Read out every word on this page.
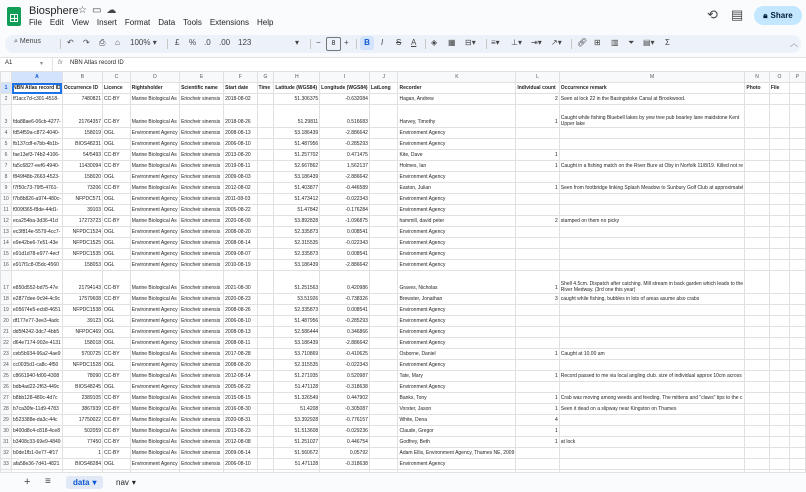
Biosphere ☆▭☁
File Edit View Insert Format Data Tools Extensions Help
⟲ ▤ 🔒︎ Share
⌕ Menus	↶ ↷ ⎙ ⌂ 100% ▾ £ % .0 .00 123	▾ −	8	+	B	I S A ◈ ▦ ⊟▾ ≡▾ ⊥▾ ⇥▾ ↗▾ 🔗︎ ⊞ ▥ ⏷ ▤▾ Σ	︿
A1	▾ fx NBN Atlas record ID
	A	B	C	D	E	F	G	H	I	J	K	L	M	N	O	P
1	NBN Atlas record ID	Occurrence ID	Licence	Rightsholder	Scientific name	Start date	Time	Latitude (WGS84)	Longitude (WGS84)	LatLong	Recorder	Individual count	Occurrence remark	Photo	File	
2	ff1acc7d-c301-4518-	7480821	CC-BY	Marine Biological As	Eriocheir sinensis	2018-08-02		51.306375	-0.632084		Hagan, Andrew	2	Seen at lock 22 in the Basingstoke Canal at Brookwood.			
3	fda88ae6-06cb-4277-	21764357	CC-BY	Marine Biological As	Eriocheir sinensis	2018-08-26		51.29811	0.516683		Harvey, Timothy	1	Caught while fishing Bluebell lakes by yew tree pub boarley lane maidstone Kent Upper lake			
4	fd54f59a-c872-4040-	158019	OGL	Environment Agency	Eriocheir sinensis	2008-08-13		53.186439	-2.886642		Environment Agency					
5	fb137cdf-e7bb-4b1b-	BIOS48231	OGL	Environment Agency	Eriocheir sinensis	2006-08-10		51.487956	-0.285293		Environment Agency					
6	fae13ef3-74b2-4106-	54/5493	CC-BY	Marine Biological As	Eriocheir sinensis	2013-08-20		51.257702	0.471475		Kite, Dave	1				
7	fa5c6827-eef6-4940-	11430094	CC-BY	Marine Biological As	Eriocheir sinensis	2019-08-11		52.667862	1.562137		Holmes, Ian	1	Caught in a fishing match on the River Bure at Oby in Norfolk 11/8/19. Killed not re			
8	f849f48b-2663-4523-	158020	OGL	Environment Agency	Eriocheir sinensis	2009-08-03		53.186439	-2.886642		Environment Agency					
9	f7f50c73-79f5-4761-	73206	CC-BY	Marine Biological As	Eriocheir sinensis	2012-08-02		51.403877	-0.446589		Easton, Julian	1	Seen from footbridge linking Splash Meadow to Sunbury Golf Club at approximatel			
10	f7b8b826-a974-480c-	NFPDC571	OGL	Environment Agency	Eriocheir sinensis	2011-08-03		51.473412	-0.022343		Environment Agency					
11	f009f365-f8de-44d1-	39103	OGL	Environment Agency	Eriocheir sinensis	2005-08-22		51.47842	-0.176284		Environment Agency					
12	eca254ba-3d36-41d	17273723	CC-BY	Marine Biological As	Eriocheir sinensis	2020-08-09		53.892828	-1.096875		hammill, david peter	2	stamped on them no picky			
13	ec3f814e-5579-4cc7-	NFPDC1524	OGL	Environment Agency	Eriocheir sinensis	2008-08-20		52.335873	0.008541		Environment Agency					
14	e9e42be6-7e51-43e	NFPDC1525	OGL	Environment Agency	Eriocheir sinensis	2008-08-14		52.315535	-0.022343		Environment Agency					
15	e91d1d78-e977-4ecf	NFPDC1535	OGL	Environment Agency	Eriocheir sinensis	2009-08-07		52.335873	0.008541		Environment Agency					
16	e917f1c8-05dc-4560	158053	OGL	Environment Agency	Eriocheir sinensis	2010-08-19		53.186439	-2.886642		Environment Agency					
17	e850d552-bd75-47e	21794143	CC-BY	Marine Biological As	Eriocheir sinensis	2021-08-30		51.251563	0.420986		Graves, Nicholas	1	Shell 4.5cm. Dispatch after catching. Mill stream in back garden which leads to the River Medway. (3rd one this year)			
18	e2877dee-9c94-4c9c	17579608	CC-BY	Marine Biological As	Eriocheir sinensis	2020-08-23		53.51926	-0.738326		Brewster, Jonathan	3	caught while fishing, bubbles in lots of areas asume also crabs			
19	e05674e5-ecb8-4651	NFPDC1538	OGL	Environment Agency	Eriocheir sinensis	2008-08-26		52.335873	0.008541		Environment Agency					
20	df177e77-3ee3-4adc	39123	OGL	Environment Agency	Eriocheir sinensis	2006-08-10		51.487956	-0.285293		Environment Agency					
21	dd5f4242-3dc7-4bb5	NFPDC469	OGL	Environment Agency	Eriocheir sinensis	2008-08-13		52.586444	0.346866		Environment Agency					
22	d64e7174-902e-4131	158018	OGL	Environment Agency	Eriocheir sinensis	2008-08-11		53.186439	-2.886642		Environment Agency					
23	ceb5b934-96a2-4ae9	5700725	CC-BY	Marine Biological As	Eriocheir sinensis	2017-08-28		53.710869	-0.410625		Osborne, Daniel	1	Caught at 10.00 am			
24	cc0035d1-ca8c-4f50	NFPDC1528	OGL	Environment Agency	Eriocheir sinensis	2008-08-20		52.315535	-0.022343		Environment Agency					
25	c8661940-fd00-4308	78090	CC-BY	Marine Biological As	Eriocheir sinensis	2012-08-14		51.271935	0.520987		Tate, Mary	1	Record passed to me via local angling club. size of individual approx 10cm across			
26	bdb4ad22-2f63-449c	BIOS48245	OGL	Environment Agency	Eriocheir sinensis	2005-08-22		51.471128	-0.318638		Environment Agency					
27	b8bb128-480c-4d7c	2389105	CC-BY	Marine Biological As	Eriocheir sinensis	2015-08-15		51.326549	0.447902		Banks, Tony	1	Crab was moving among weeds and feeding. The mittens and "claws" tips to the c			
28	b7ca30fe-11d9-4783	3867939	CC-BY	Marine Biological As	Eriocheir sinensis	2016-08-30		51.4208	-0.305087		Vorster, Jason	1	Seen it dead on a slipway near Kingston on Thames			
29	b523388e-da3c-44c	17750022	CC-BY	Marine Biological As	Eriocheir sinensis	2020-08-31		53.392928	-0.776157		White, Dena	4				
30	b400d8c4-c818-4ce8	502059	CC-BY	Marine Biological As	Eriocheir sinensis	2013-08-23		51.513608	-0.029236		Claude, Gregor	1				
31	b3408c33-69e9-4849	77450	CC-BY	Marine Biological As	Eriocheir sinensis	2012-08-08		51.251027	0.446754		Godfrey, Beth	1	at lock			
32	b0de1fb1-0e77-4f17	1	CC-BY	Marine Biological As	Eriocheir sinensis	2009-08-14		51.560672	0.05792		Adam Ellis, Environment Agency, Thames NE, 2009					
33	afa58e36-7d41-4821	BIOS48284	OGL	Environment Agency	Eriocheir sinensis	2006-08-10		51.471128	-0.318638		Environment Agency					

+ ≡	data ▾ nav ▾
